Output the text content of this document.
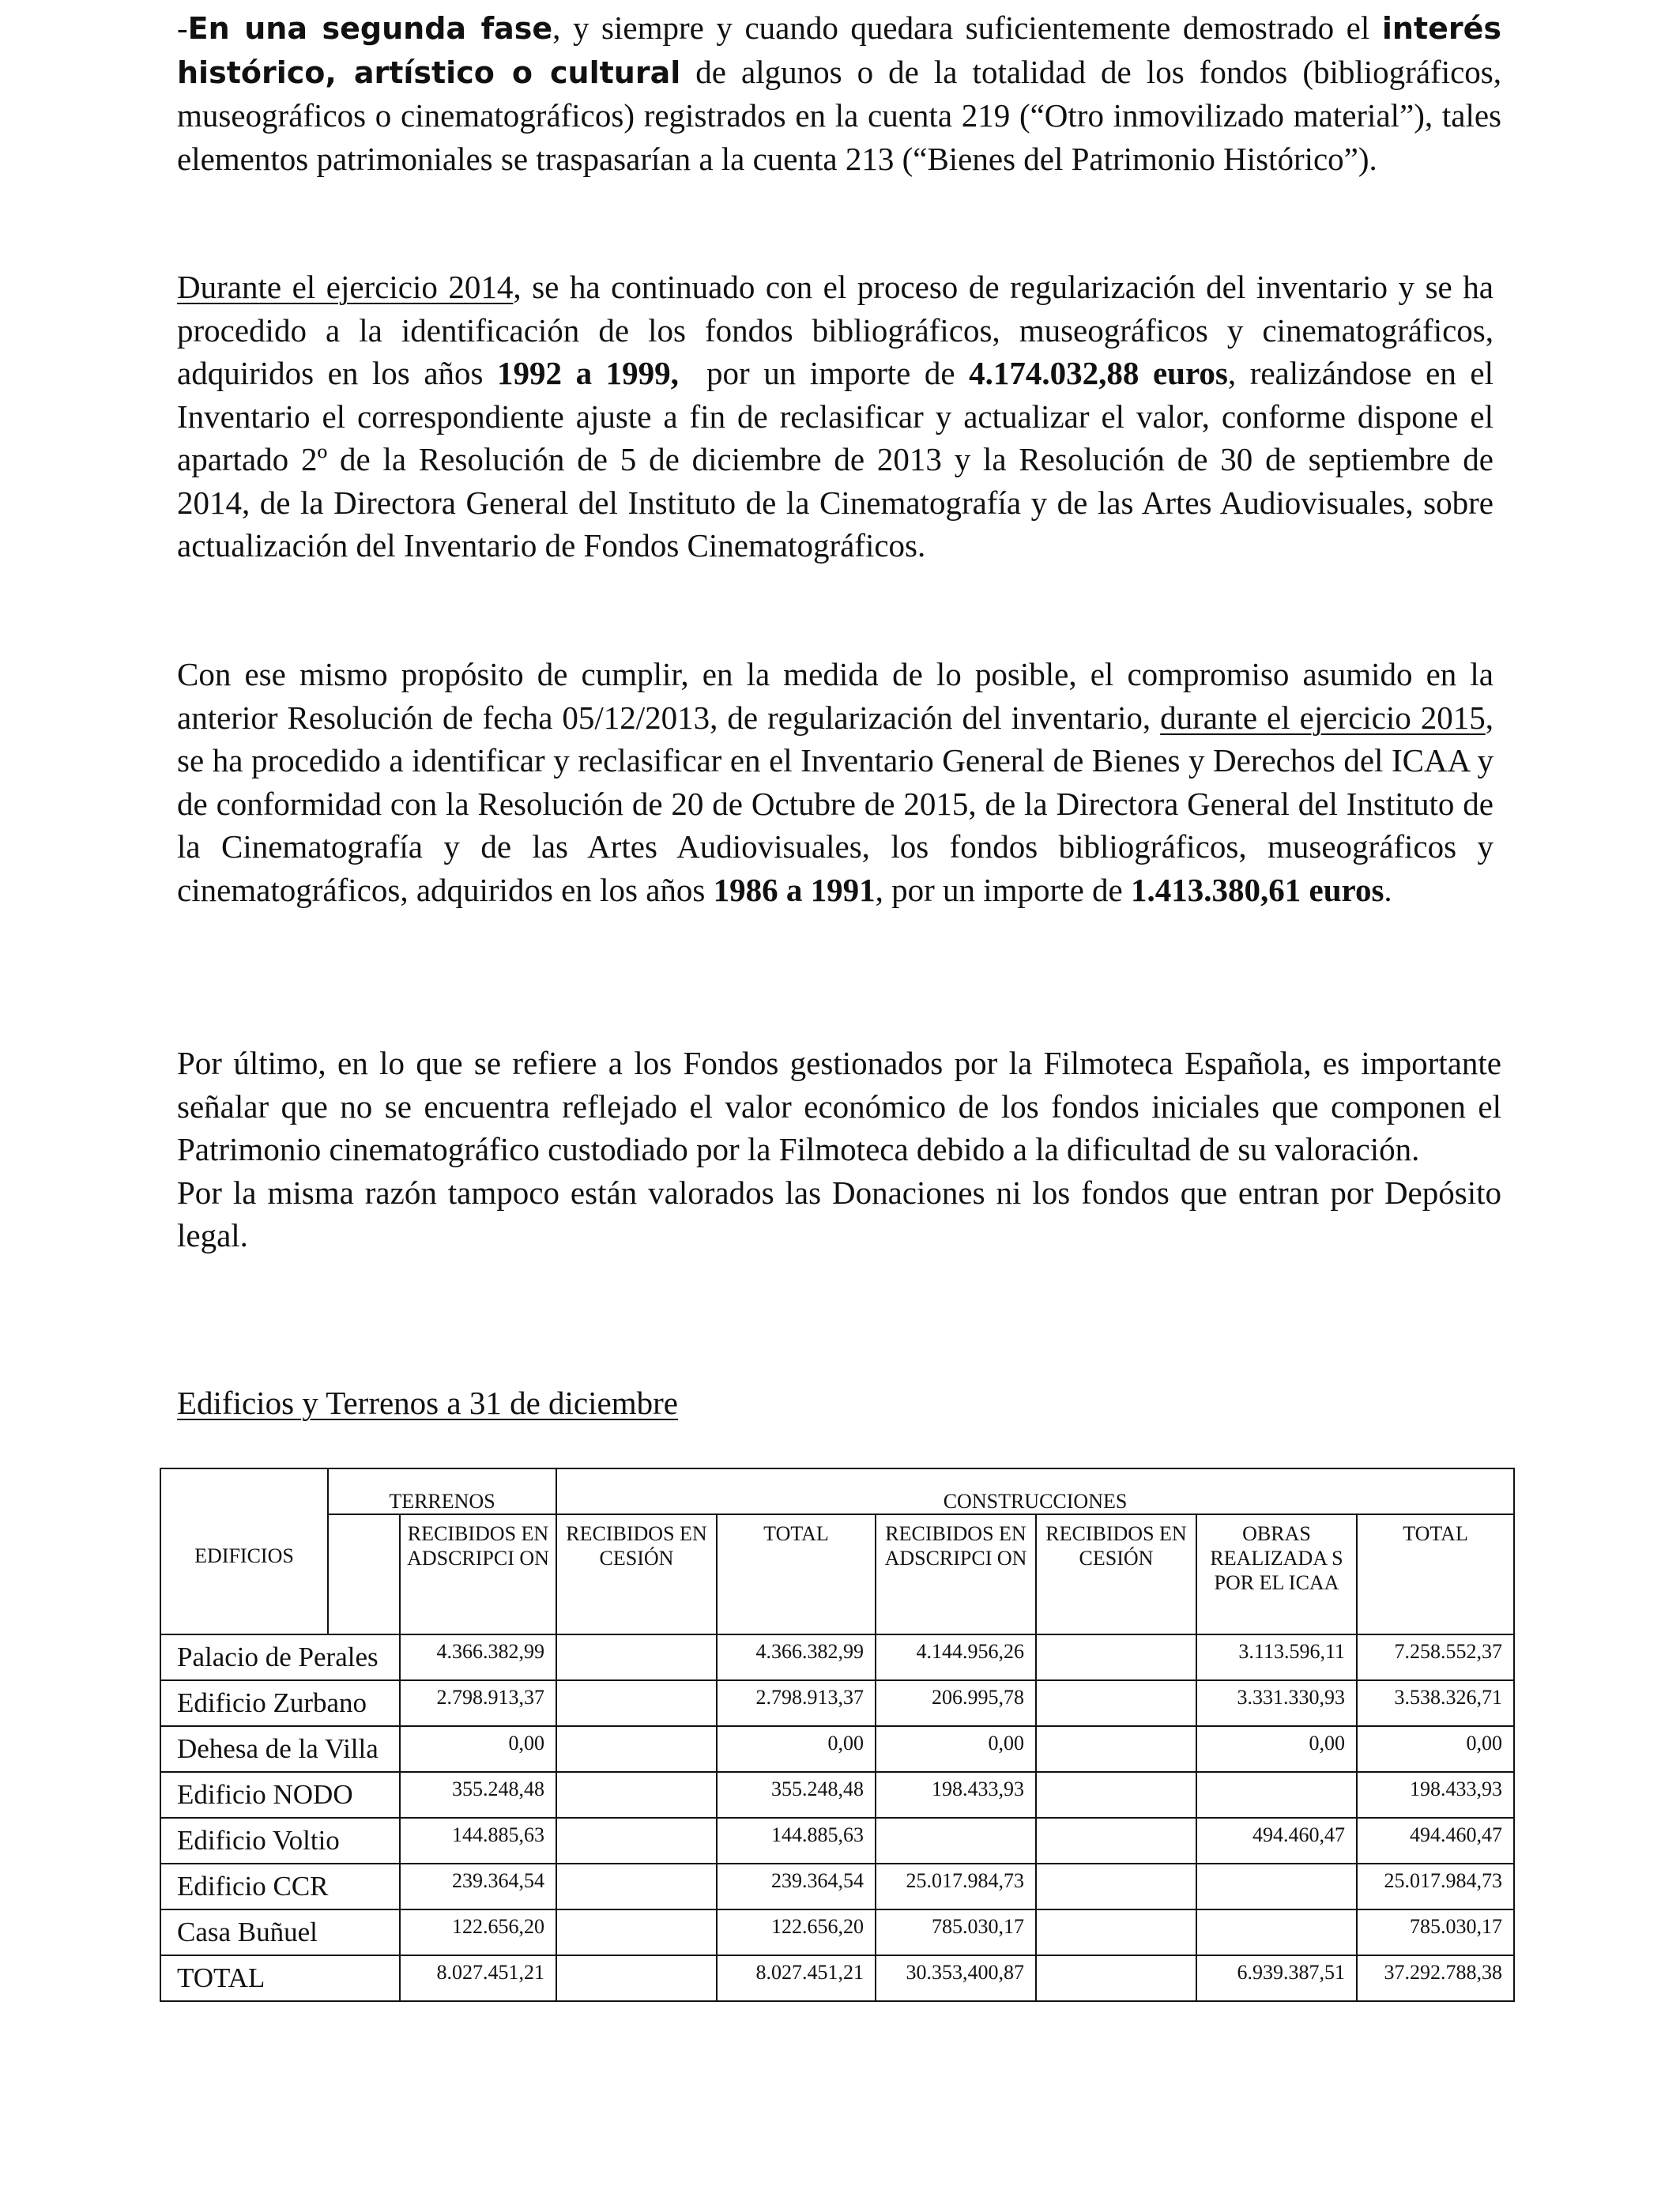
-En una segunda fase, y siempre y cuando quedara suficientemente demostrado el interés histórico, artístico o cultural de algunos o de la totalidad de los fondos (bibliográficos, museográficos o cinematográficos) registrados en la cuenta 219 (“Otro inmovilizado material”), tales elementos patrimoniales se traspasarían a la cuenta 213 (“Bienes del Patrimonio Histórico”).

Durante el ejercicio 2014, se ha continuado con el proceso de regularización del inventario y se ha procedido a la identificación de los fondos bibliográficos, museográficos y cinematográficos, adquiridos en los años 1992 a 1999,  por un importe de 4.174.032,88 euros, realizándose en el Inventario el correspondiente ajuste a fin de reclasificar y actualizar el valor, conforme dispone el apartado 2º de la Resolución de 5 de diciembre de 2013 y la Resolución de 30 de septiembre de 2014, de la Directora General del Instituto de la Cinematografía y de las Artes Audiovisuales, sobre actualización del Inventario de Fondos Cinematográficos.

Con ese mismo propósito de cumplir, en la medida de lo posible, el compromiso asumido en la anterior Resolución de fecha 05/12/2013, de regularización del inventario, durante el ejercicio 2015, se ha procedido a identificar y reclasificar en el Inventario General de Bienes y Derechos del ICAA y de conformidad con la Resolución de 20 de Octubre de 2015, de la Directora General del Instituto de la Cinematografía y de las Artes Audiovisuales, los fondos bibliográficos, museográficos y cinematográficos, adquiridos en los años 1986 a 1991, por un importe de 1.413.380,61 euros.

Por último, en lo que se refiere a los Fondos gestionados por la Filmoteca Española, es importante señalar que no se encuentra reflejado el valor económico de los fondos iniciales que componen el Patrimonio cinematográfico custodiado por la Filmoteca debido a la dificultad de su valoración.

Por la misma razón tampoco están valorados las Donaciones ni los fondos que entran por Depósito legal.

Edificios y Terrenos a 31 de diciembre
EDIFICIOS	TERRENOS		CONSTRUCCIONES					
		RECIBIDOS EN ADSCRIPCI ON	RECIBIDOS EN CESIÓN	TOTAL	RECIBIDOS EN ADSCRIPCI ON	RECIBIDOS EN CESIÓN	OBRAS REALIZADA S POR EL ICAA	TOTAL
Palacio de Perales		4.366.382,99		4.366.382,99	4.144.956,26		3.113.596,11	7.258.552,37
Edificio Zurbano		2.798.913,37		2.798.913,37	206.995,78		3.331.330,93	3.538.326,71
Dehesa de la Villa		0,00		0,00	0,00		0,00	0,00
Edificio NODO		355.248,48		355.248,48	198.433,93			198.433,93
Edificio Voltio		144.885,63		144.885,63			494.460,47	494.460,47
Edificio CCR		239.364,54		239.364,54	25.017.984,73			25.017.984,73
Casa Buñuel		122.656,20		122.656,20	785.030,17			785.030,17
TOTAL		8.027.451,21		8.027.451,21	30.353,400,87		6.939.387,51	37.292.788,38
